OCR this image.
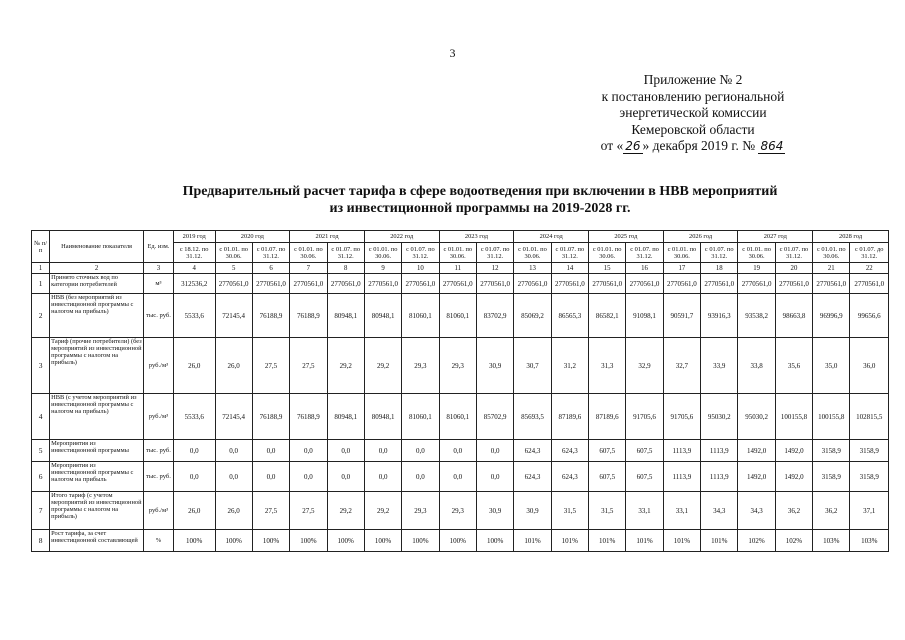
3
Приложение № 2
к постановлению региональной
энергетической комиссии
Кемеровской области
от « 26 » декабря 2019 г. № 864
Предварительный расчет тарифа в сфере водоотведения при включении в НВВ мероприятий из инвестиционной программы на 2019-2028 гг.
№ п/п	Наименование показателя	Ед. изм.	2019 год	2020 год		2021 год		2022 год		2023 год		2024 год		2025 год		2026 год		2027 год		2028 год	
			с 18.12. по 31.12.	с 01.01. по 30.06.	с 01.07. по 31.12.	с 01.01. по 30.06.	с 01.07. по 31.12.	с 01.01. по 30.06.	с 01.07. по 31.12.	с 01.01. по 30.06.	с 01.07. по 31.12.	с 01.01. по 30.06.	с 01.07. по 31.12.	с 01.01. по 30.06.	с 01.07. по 31.12.	с 01.01. по 30.06.	с 01.07. по 31.12.	с 01.01. по 30.06.	с 01.07. по 31.12.	с 01.01. по 30.06.	с 01.07. до 31.12.
1	2	3	4	5	6	7	8	9	10	11	12	13	14	15	16	17	18	19	20	21	22
1	Принято сточных вод по категории потребителей	м³	312536,2	2770561,0	2770561,0	2770561,0	2770561,0	2770561,0	2770561,0	2770561,0	2770561,0	2770561,0	2770561,0	2770561,0	2770561,0	2770561,0	2770561,0	2770561,0	2770561,0	2770561,0	2770561,0
2	НВВ (без мероприятий из инвестиционной программы с налогом на прибыль)	тыс. руб.	5533,6	72145,4	76188,9	76188,9	80948,1	80948,1	81060,1	81060,1	83702,9	85069,2	86565,3	86582,1	91098,1	90591,7	93916,3	93538,2	98663,8	96996,9	99656,6
3	Тариф (прочие потребители) (без мероприятий из инвестиционной программы с налогом на прибыль)	руб./м³	26,0	26,0	27,5	27,5	29,2	29,2	29,3	29,3	30,9	30,7	31,2	31,3	32,9	32,7	33,9	33,8	35,6	35,0	36,0
4	НВВ (с учетом мероприятий из инвестиционной программы с налогом на прибыль)	руб./м³	5533,6	72145,4	76188,9	76188,9	80948,1	80948,1	81060,1	81060,1	85702,9	85693,5	87189,6	87189,6	91705,6	91705,6	95030,2	95030,2	100155,8	100155,8	102815,5
5	Мероприятия из инвестиционной программы	тыс. руб.	0,0	0,0	0,0	0,0	0,0	0,0	0,0	0,0	0,0	624,3	624,3	607,5	607,5	1113,9	1113,9	1492,0	1492,0	3158,9	3158,9
6	Мероприятия из инвестиционной программы с налогом на прибыль	тыс. руб.	0,0	0,0	0,0	0,0	0,0	0,0	0,0	0,0	0,0	624,3	624,3	607,5	607,5	1113,9	1113,9	1492,0	1492,0	3158,9	3158,9
7	Итого тариф (с учетом мероприятий из инвестиционной программы с налогом на прибыль)	руб./м³	26,0	26,0	27,5	27,5	29,2	29,2	29,3	29,3	30,9	30,9	31,5	31,5	33,1	33,1	34,3	34,3	36,2	36,2	37,1
8	Рост тарифа, за счет инвестиционной составляющей	%	100%	100%	100%	100%	100%	100%	100%	100%	100%	101%	101%	101%	101%	101%	101%	102%	102%	103%	103%
